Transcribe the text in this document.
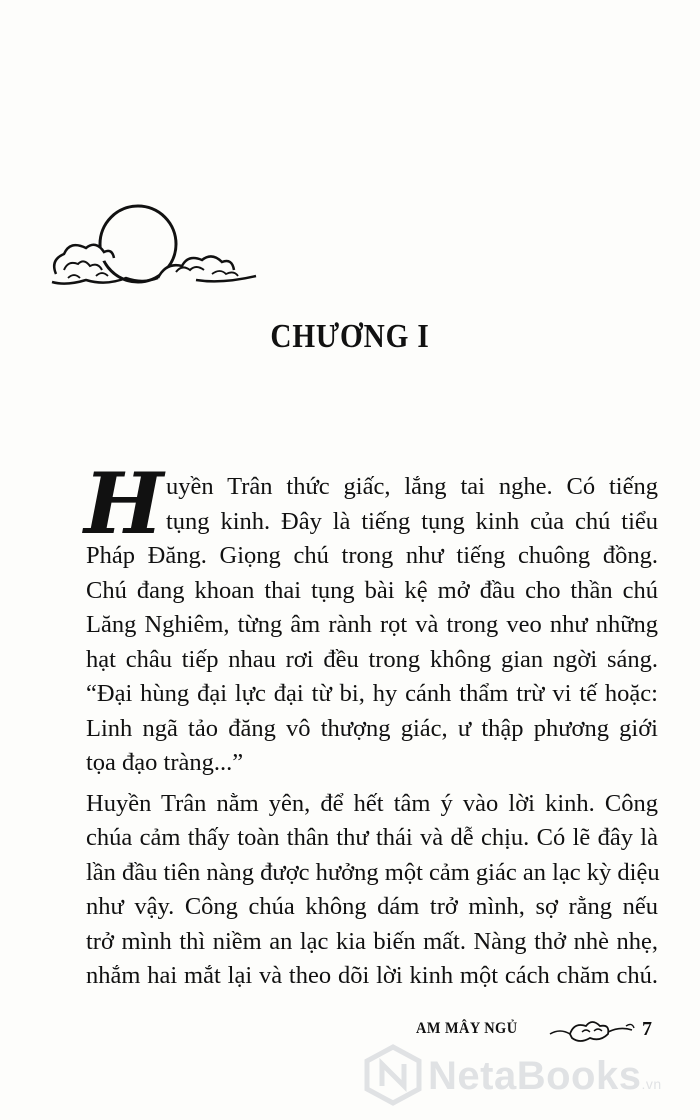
CHƯƠNG I
H uyền Trân thức giấc, lắng tai nghe. Có tiếng
tụng kinh. Đây là tiếng tụng kinh của chú tiểu
Pháp Đăng. Giọng chú trong như tiếng chuông đồng.
Chú đang khoan thai tụng bài kệ mở đầu cho thần chú
Lăng Nghiêm, từng âm rành rọt và trong veo như những
hạt châu tiếp nhau rơi đều trong không gian ngời sáng.
“Đại hùng đại lực đại từ bi, hy cánh thẩm trừ vi tế hoặc:
Linh ngã tảo đăng vô thượng giác, ư thập phương giới
tọa đạo tràng...”
Huyền Trân nằm yên, để hết tâm ý vào lời kinh. Công
chúa cảm thấy toàn thân thư thái và dễ chịu. Có lẽ đây là
lần đầu tiên nàng được hưởng một cảm giác an lạc kỳ diệu
như vậy. Công chúa không dám trở mình, sợ rằng nếu
trở mình thì niềm an lạc kia biến mất. Nàng thở nhè nhẹ,
nhắm hai mắt lại và theo dõi lời kinh một cách chăm chú.
AM MÂY NGỦ	7
NetaBooks.vn
